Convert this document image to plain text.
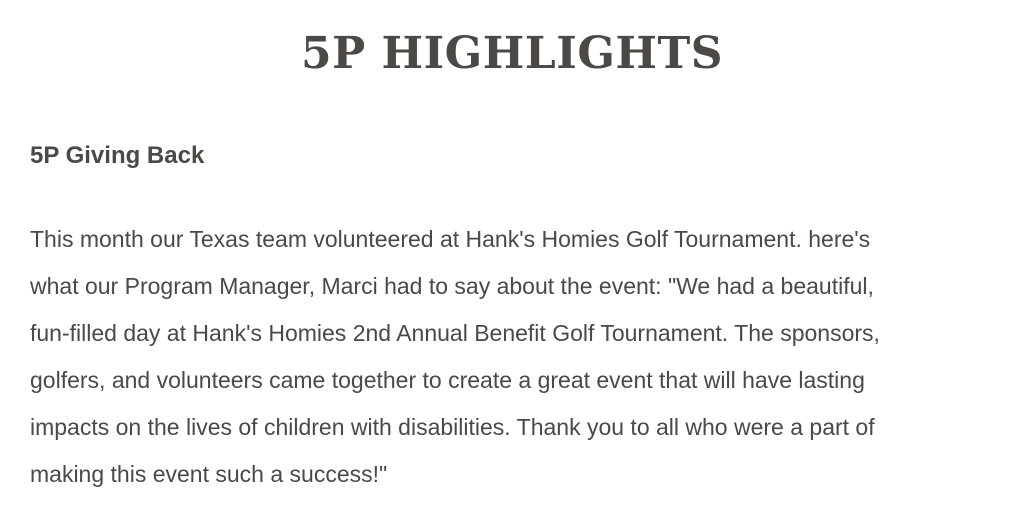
5P HIGHLIGHTS
5P Giving Back

This month our Texas team volunteered at Hank's Homies Golf Tournament. here's
what our Program Manager, Marci had to say about the event: "We had a beautiful,
fun-filled day at Hank's Homies 2nd Annual Benefit Golf Tournament. The sponsors,
golfers, and volunteers came together to create a great event that will have lasting
impacts on the lives of children with disabilities. Thank you to all who were a part of
making this event such a success!"
